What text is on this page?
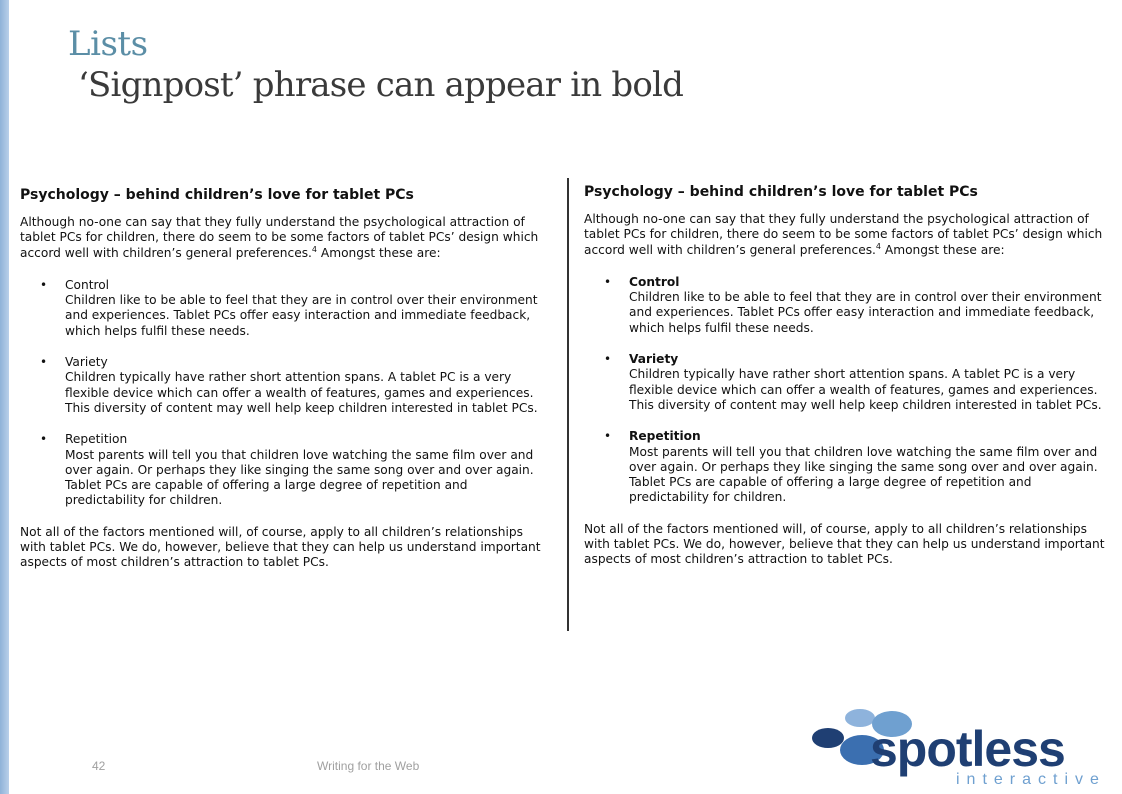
Lists
‘Signpost’ phrase can appear in bold
Psychology – behind children’s love for tablet PCs

Although no-one can say that they fully understand the psychological attraction of tablet PCs for children, there do seem to be some factors of tablet PCs’ design which accord well with children’s general preferences.$^4$ Amongst these are:

• Control
Children like to be able to feel that they are in control over their environment and experiences. Tablet PCs offer easy interaction and immediate feedback, which helps fulfil these needs.
• Variety
Children typically have rather short attention spans. A tablet PC is a very flexible device which can offer a wealth of features, games and experiences. This diversity of content may well help keep children interested in tablet PCs.
• Repetition
Most parents will tell you that children love watching the same film over and over again. Or perhaps they like singing the same song over and over again. Tablet PCs are capable of offering a large degree of repetition and predictability for children.

Not all of the factors mentioned will, of course, apply to all children’s relationships with tablet PCs. We do, however, believe that they can help us understand important aspects of most children’s attraction to tablet PCs.

Psychology – behind children’s love for tablet PCs

Although no-one can say that they fully understand the psychological attraction of tablet PCs for children, there do seem to be some factors of tablet PCs’ design which accord well with children’s general preferences.$^4$ Amongst these are:

• Control
Children like to be able to feel that they are in control over their environment and experiences. Tablet PCs offer easy interaction and immediate feedback, which helps fulfil these needs.
• Variety
Children typically have rather short attention spans. A tablet PC is a very flexible device which can offer a wealth of features, games and experiences. This diversity of content may well help keep children interested in tablet PCs.
• Repetition
Most parents will tell you that children love watching the same film over and over again. Or perhaps they like singing the same song over and over again. Tablet PCs are capable of offering a large degree of repetition and predictability for children.

Not all of the factors mentioned will, of course, apply to all children’s relationships with tablet PCs. We do, however, believe that they can help us understand important aspects of most children’s attraction to tablet PCs.

42	Writing for the Web	spotless
interactive
